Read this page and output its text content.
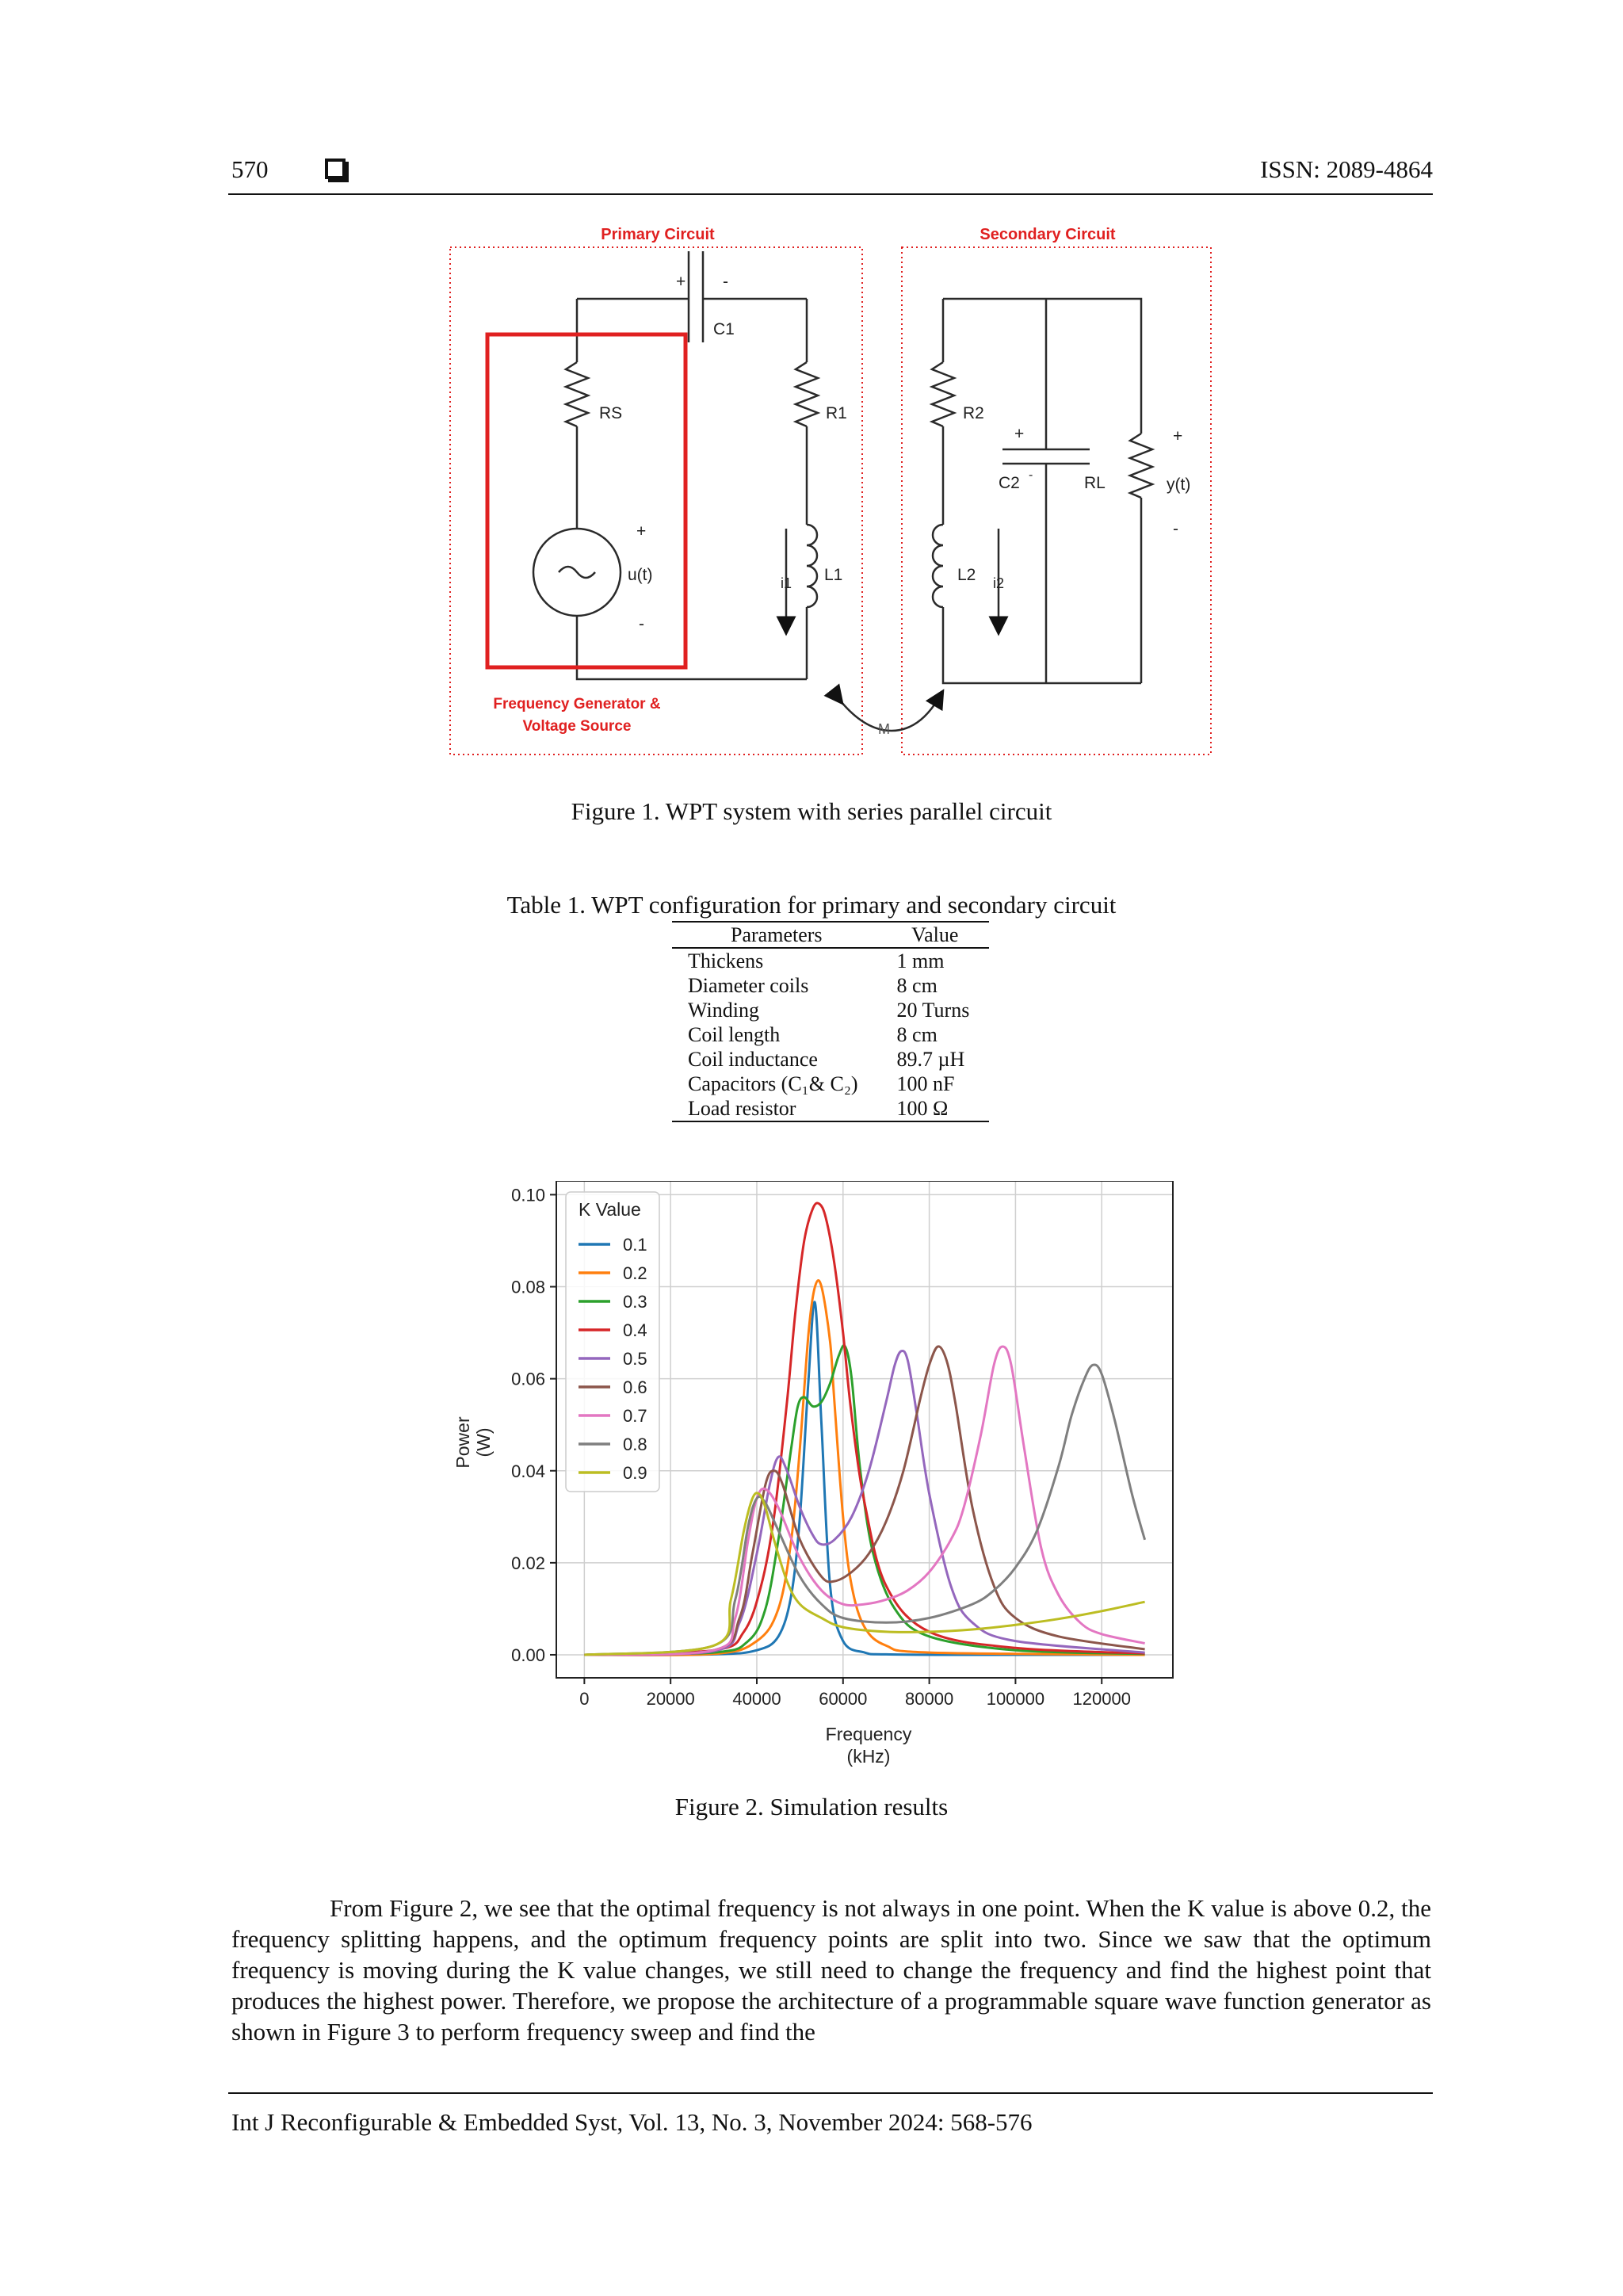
570	ISSN: 2089-4864
Primary Circuit	Secondary Circuit
Frequency Generator &
Voltage Source
+ -
C1
RS
+
u(t)
-
R1
i1 L1
R2
+
C2 -	RL
+
y(t)
-
L2 i2
M
Figure 1. WPT system with series parallel circuit
Table 1. WPT configuration for primary and secondary circuit
Parameters	Value
Thickens	1 mm
Diameter coils	8 cm
Winding	20 Turns
Coil length	8 cm
Coil inductance	89.7 µH
Capacitors (C₁& C₂)	100 nF
Load resistor	100 Ω
0	20000 40000 60000 80000 100000 120000
0.00
0.02
0.04
0.06
0.08
0.10
Frequency
(kHz)
Power (W)
K Value
0.1
0.2
0.3
0.4
0.5
0.6
0.7
0.8
0.9
Figure 2. Simulation results

From Figure 2, we see that the optimal frequency is not always in one point. When the K value is above 0.2, the frequency splitting happens, and the optimum frequency points are split into two. Since we saw that the optimum frequency is moving during the K value changes, we still need to change the frequency and find the highest point that produces the highest power. Therefore, we propose the architecture of a programmable square wave function generator as shown in Figure 3 to perform frequency sweep and find the

Int J Reconfigurable & Embedded Syst, Vol. 13, No. 3, November 2024: 568-576
